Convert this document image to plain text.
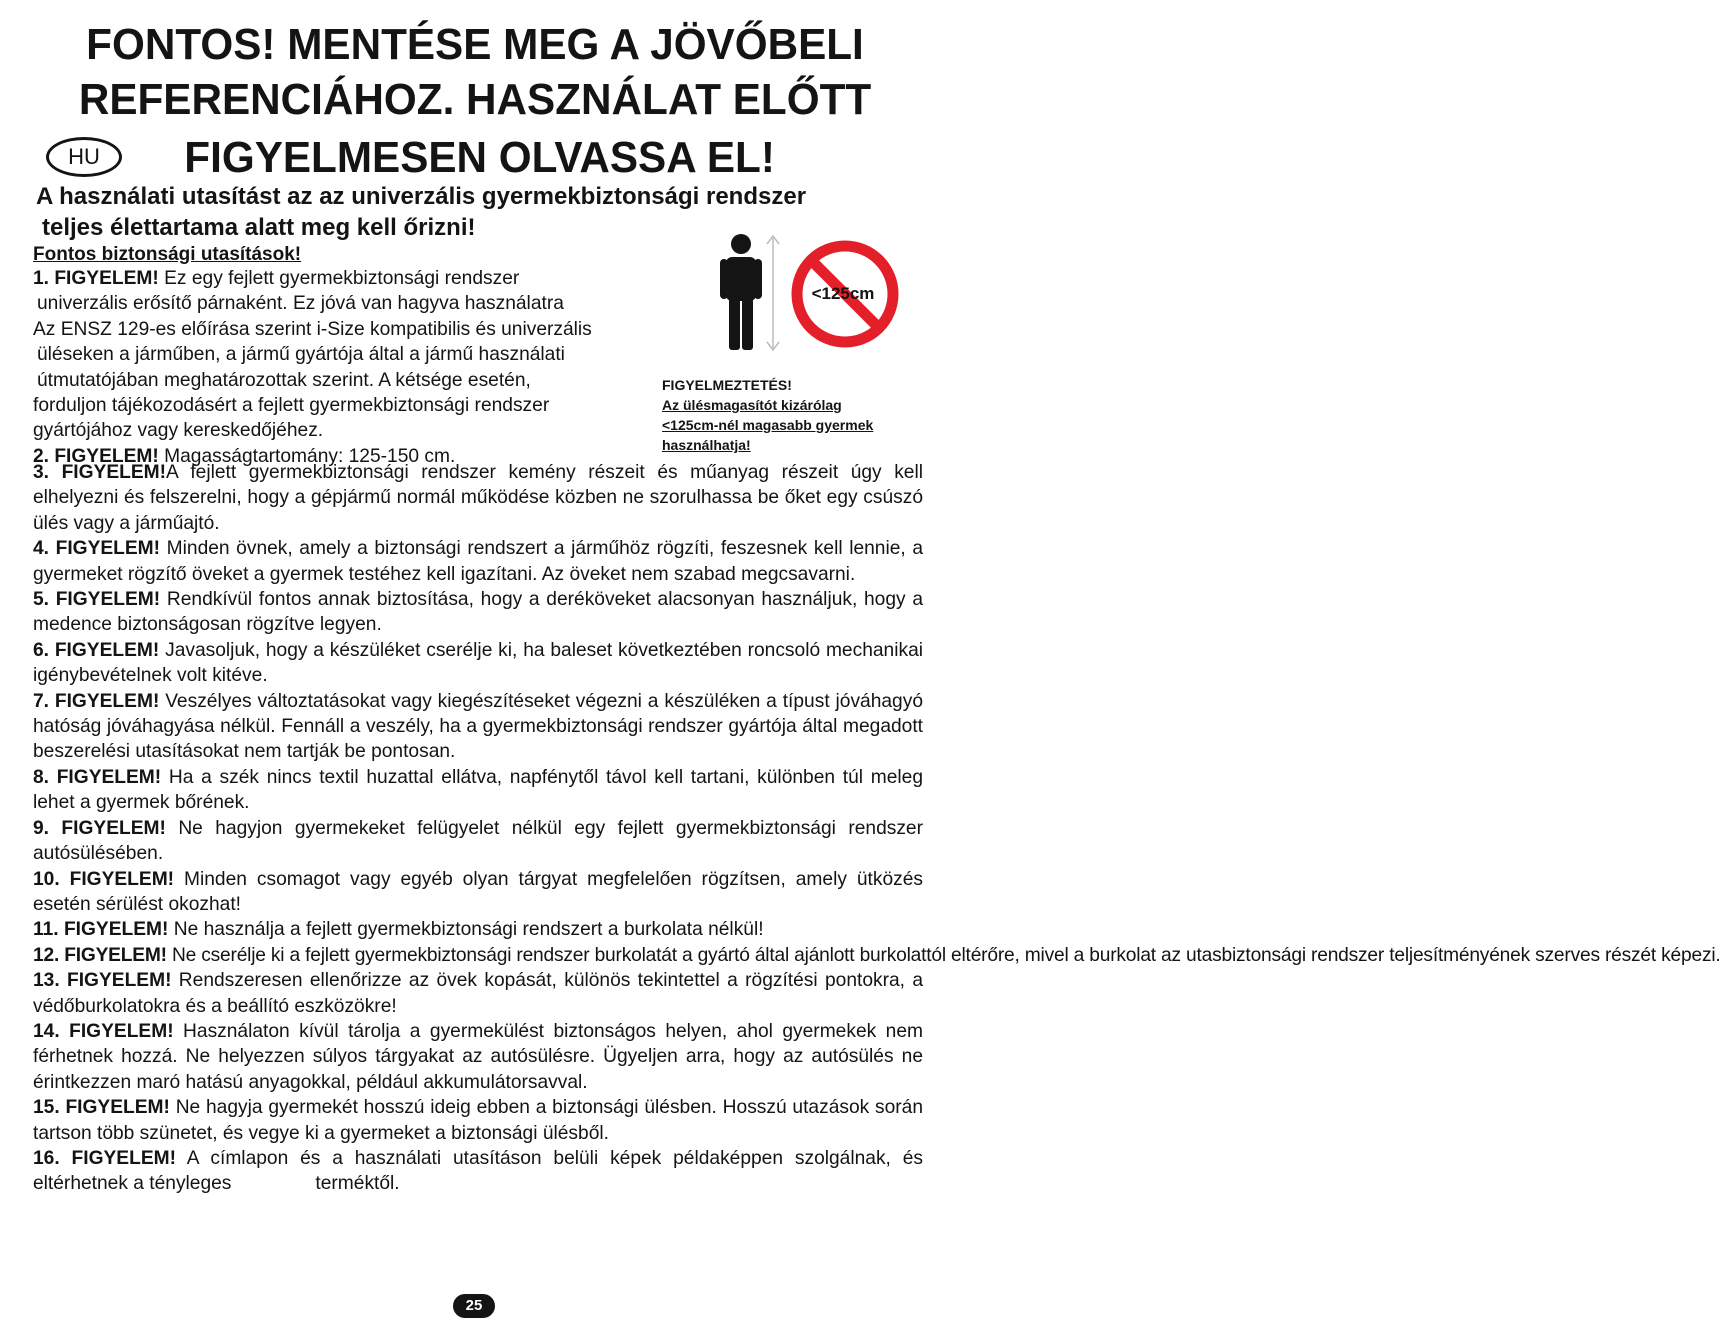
FONTOS! MENTÉSE MEG A JÖVŐBELI
REFERENCIÁHOZ. HASZNÁLAT ELŐTT
HU	FIGYELMESEN OLVASSA EL!
A használati utasítást az az univerzális gyermekbiztonsági rendszer
teljes élettartama alatt meg kell őrizni!
Fontos biztonsági utasítások!
1. FIGYELEM! Ez egy fejlett gyermekbiztonsági rendszer
univerzális erősítő párnaként. Ez jóvá van hagyva használatra
Az ENSZ 129-es előírása szerint i-Size kompatibilis és univerzális
üléseken a járműben, a jármű gyártója által a jármű használati
útmutatójában meghatározottak szerint. A kétsége esetén,
forduljon tájékozodásért a fejlett gyermekbiztonsági rendszer
gyártójához vagy kereskedőjéhez.
2. FIGYELEM! Magasságtartomány: 125-150 cm.
<125cm
FIGYELMEZTETÉS!
Az ülésmagasítót kizárólag
<125cm-nél magasabb gyermek
használhatja!

3. FIGYELEM!A fejlett gyermekbiztonsági rendszer kemény részeit és műanyag részeit úgy kell elhelyezni és felszerelni, hogy a gépjármű normál működése közben ne szorulhassa be őket egy csúszó ülés vagy a járműajtó.

4. FIGYELEM! Minden övnek, amely a biztonsági rendszert a járműhöz rögzíti, feszesnek kell lennie, a gyermeket rögzítő öveket a gyermek testéhez kell igazítani. Az öveket nem szabad megcsavarni.

5. FIGYELEM! Rendkívül fontos annak biztosítása, hogy a deréköveket alacsonyan használjuk, hogy a medence biztonságosan rögzítve legyen.

6. FIGYELEM! Javasoljuk, hogy a készüléket cserélje ki, ha baleset következtében roncsoló mechanikai igénybevételnek volt kitéve.

7. FIGYELEM! Veszélyes változtatásokat vagy kiegészítéseket végezni a készüléken a típust jóváhagyó hatóság jóváhagyása nélkül. Fennáll a veszély, ha a gyermekbiztonsági rendszer gyártója által megadott beszerelési utasításokat nem tartják be pontosan.

8. FIGYELEM! Ha a szék nincs textil huzattal ellátva, napfénytől távol kell tartani, különben túl meleg lehet a gyermek bőrének.

9. FIGYELEM! Ne hagyjon gyermekeket felügyelet nélkül egy fejlett gyermekbiztonsági rendszer autósülésében.

10. FIGYELEM! Minden csomagot vagy egyéb olyan tárgyat megfelelően rögzítsen, amely ütközés esetén sérülést okozhat!

11. FIGYELEM! Ne használja a fejlett gyermekbiztonsági rendszert a burkolata nélkül!

12. FIGYELEM! Ne cserélje ki a fejlett gyermekbiztonsági rendszer burkolatát a gyártó által ajánlott burkolattól eltérőre, mivel a burkolat az utasbiztonsági rendszer teljesítményének szerves részét képezi.

13. FIGYELEM! Rendszeresen ellenőrizze az övek kopását, különös tekintettel a rögzítési pontokra, a védőburkolatokra és a beállító eszközökre!

14. FIGYELEM! Használaton kívül tárolja a gyermekülést biztonságos helyen, ahol gyermekek nem férhetnek hozzá. Ne helyezzen súlyos tárgyakat az autósülésre. Ügyeljen arra, hogy az autósülés ne érintkezzen maró hatású anyagokkal, például akkumulátorsavval.

15. FIGYELEM! Ne hagyja gyermekét hosszú ideig ebben a biztonsági ülésben. Hosszú utazások során tartson több szünetet, és vegye ki a gyermeket a biztonsági ülésből.

16. FIGYELEM! A címlapon és a használati utasításon belüli képek példaképpen szolgálnak, és eltérhetnek a tényleges	terméktől.

25
